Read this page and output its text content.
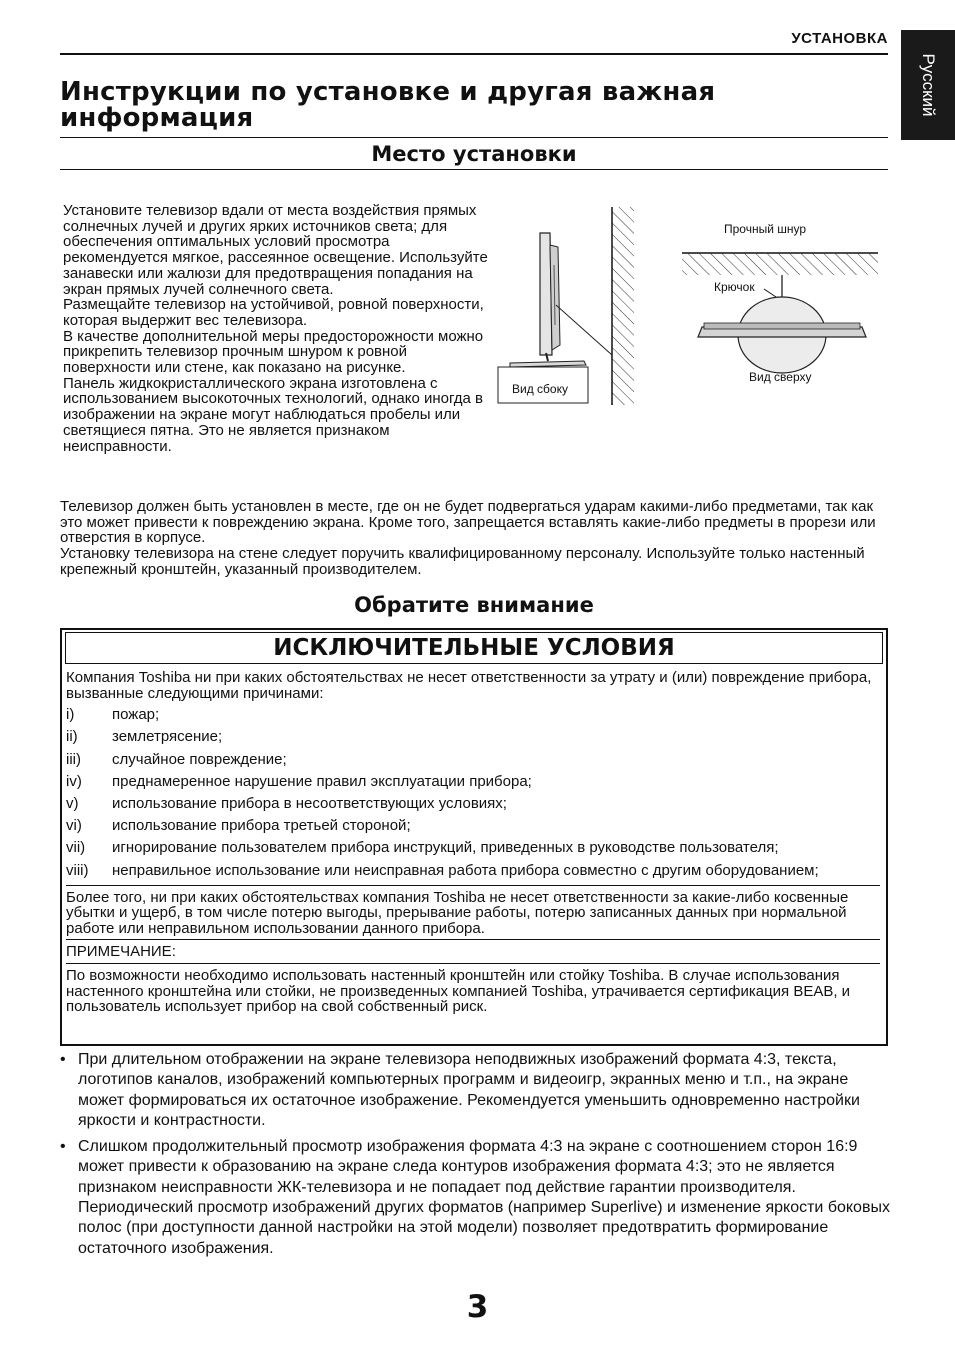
УСТАНОВКА
Русский
Инструкции по установке и другая важная информация
Место установки

Установите телевизор вдали от места воздействия прямых солнечных лучей и других ярких источников света; для обеспечения оптимальных условий просмотра рекомендуется мягкое, рассеянное освещение. Используйте занавески или жалюзи для предотвращения попадания на экран прямых лучей солнечного света.

Размещайте телевизор на устойчивой, ровной поверхности, которая выдержит вес телевизора.

В качестве дополнительной меры предосторожности можно прикрепить телевизор прочным шнуром к ровной поверхности или стене, как показано на рисунке.

Панель жидкокристаллического экрана изготовлена с использованием высокоточных технологий, однако иногда в изображении на экране могут наблюдаться пробелы или светящиеся пятна. Это не является признаком неисправности.

Вид сбоку
Прочный шнур
Крючок
Вид сверху

Телевизор должен быть установлен в месте, где он не будет подвергаться ударам какими-либо предметами, так как это может привести к повреждению экрана. Кроме того, запрещается вставлять какие-либо предметы в прорези или отверстия в корпусе.

Установку телевизора на стене следует поручить квалифицированному персоналу. Используйте только настенный крепежный кронштейн, указанный производителем.

Обратите внимание
ИСКЛЮЧИТЕЛЬНЫЕ УСЛОВИЯ

Компания Toshiba ни при каких обстоятельствах не несет ответственности за утрату и (или) повреждение прибора, вызванные следующими причинами:

i)	пожар;
ii)	землетрясение;
iii)	случайное повреждение;
iv)	преднамеренное нарушение правил эксплуатации прибора;
v)	использование прибора в несоответствующих условиях;
vi)	использование прибора третьей стороной;
vii)	игнорирование пользователем прибора инструкций, приведенных в руководстве пользователя;
viii)	неправильное использование или неисправная работа прибора совместно с другим оборудованием;

Более того, ни при каких обстоятельствах компания Toshiba не несет ответственности за какие-либо косвенные убытки и ущерб, в том числе потерю выгоды, прерывание работы, потерю записанных данных при нормальной работе или неправильном использовании данного прибора.

ПРИМЕЧАНИЕ:

По возможности необходимо использовать настенный кронштейн или стойку Toshiba. В случае использования настенного кронштейна или стойки, не произведенных компанией Toshiba, утрачивается сертификация BEAB, и пользователь использует прибор на свой собственный риск.

• При длительном отображении на экране телевизора неподвижных изображений формата 4:3, текста, логотипов каналов, изображений компьютерных программ и видеоигр, экранных меню и т.п., на экране может формироваться их остаточное изображение. Рекомендуется уменьшить одновременно настройки яркости и контрастности.
• Слишком продолжительный просмотр изображения формата 4:3 на экране с соотношением сторон 16:9 может привести к образованию на экране следа контуров изображения формата 4:3; это не является признаком неисправности ЖК-телевизора и не попадает под действие гарантии производителя. Периодический просмотр изображений других форматов (например Superlive) и изменение яркости боковых полос (при доступности данной настройки на этой модели) позволяет предотвратить формирование остаточного изображения.
3
